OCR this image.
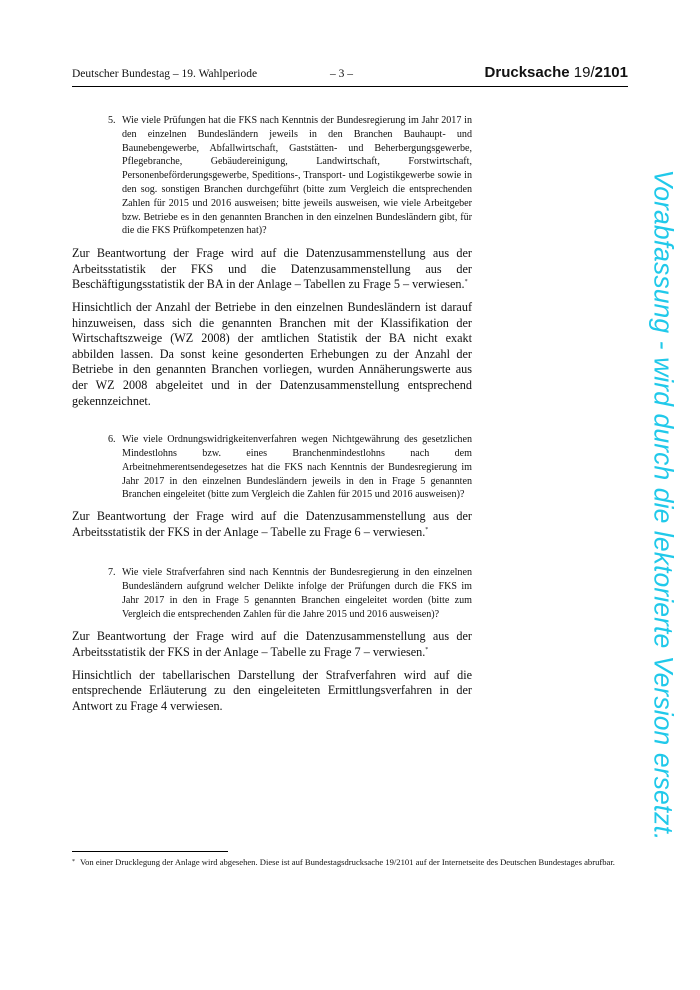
Deutscher Bundestag – 19. Wahlperiode	– 3 –	Drucksache 19/2101
Vorabfassung - wird durch die lektorierte Version ersetzt.
5. Wie viele Prüfungen hat die FKS nach Kenntnis der Bundesregierung im Jahr 2017 in den einzelnen Bundesländern jeweils in den Branchen Bauhaupt- und Baunebengewerbe, Abfallwirtschaft, Gaststätten- und Beherbergungsgewerbe, Pflegebranche, Gebäudereinigung, Landwirtschaft, Forstwirtschaft, Personenbeförderungsgewerbe, Speditions-, Transport- und Logistikgewerbe sowie in den sog. sonstigen Branchen durchgeführt (bitte zum Vergleich die entsprechenden Zahlen für 2015 und 2016 ausweisen; bitte jeweils ausweisen, wie viele Arbeitgeber bzw. Betriebe es in den genannten Branchen in den einzelnen Bundesländern gibt, für die die FKS Prüfkompetenzen hat)?

Zur Beantwortung der Frage wird auf die Datenzusammenstellung aus der Arbeitsstatistik der FKS und die Datenzusammenstellung aus der Beschäftigungsstatistik der BA in der Anlage – Tabellen zu Frage 5 – verwiesen.*

Hinsichtlich der Anzahl der Betriebe in den einzelnen Bundesländern ist darauf hinzuweisen, dass sich die genannten Branchen mit der Klassifikation der Wirtschaftszweige (WZ 2008) der amtlichen Statistik der BA nicht exakt abbilden lassen. Da sonst keine gesonderten Erhebungen zu der Anzahl der Betriebe in den genannten Branchen vorliegen, wurden Annäherungswerte aus der WZ 2008 abgeleitet und in der Datenzusammenstellung entsprechend gekennzeichnet.

6. Wie viele Ordnungswidrigkeitenverfahren wegen Nichtgewährung des gesetzlichen Mindestlohns bzw. eines Branchenmindestlohns nach dem Arbeitnehmerentsendegesetzes hat die FKS nach Kenntnis der Bundesregierung im Jahr 2017 in den einzelnen Bundesländern jeweils in den in Frage 5 genannten Branchen eingeleitet (bitte zum Vergleich die Zahlen für 2015 und 2016 ausweisen)?

Zur Beantwortung der Frage wird auf die Datenzusammenstellung aus der Arbeitsstatistik der FKS in der Anlage – Tabelle zu Frage 6 – verwiesen.*

7. Wie viele Strafverfahren sind nach Kenntnis der Bundesregierung in den einzelnen Bundesländern aufgrund welcher Delikte infolge der Prüfungen durch die FKS im Jahr 2017 in den in Frage 5 genannten Branchen eingeleitet worden (bitte zum Vergleich die entsprechenden Zahlen für die Jahre 2015 und 2016 ausweisen)?

Zur Beantwortung der Frage wird auf die Datenzusammenstellung aus der Arbeitsstatistik der FKS in der Anlage – Tabelle zu Frage 7 – verwiesen.*

Hinsichtlich der tabellarischen Darstellung der Strafverfahren wird auf die entsprechende Erläuterung zu den eingeleiteten Ermittlungsverfahren in der Antwort zu Frage 4 verwiesen.

* Von einer Drucklegung der Anlage wird abgesehen. Diese ist auf Bundestagsdrucksache 19/2101 auf der Internetseite des Deutschen Bundestages abrufbar.
